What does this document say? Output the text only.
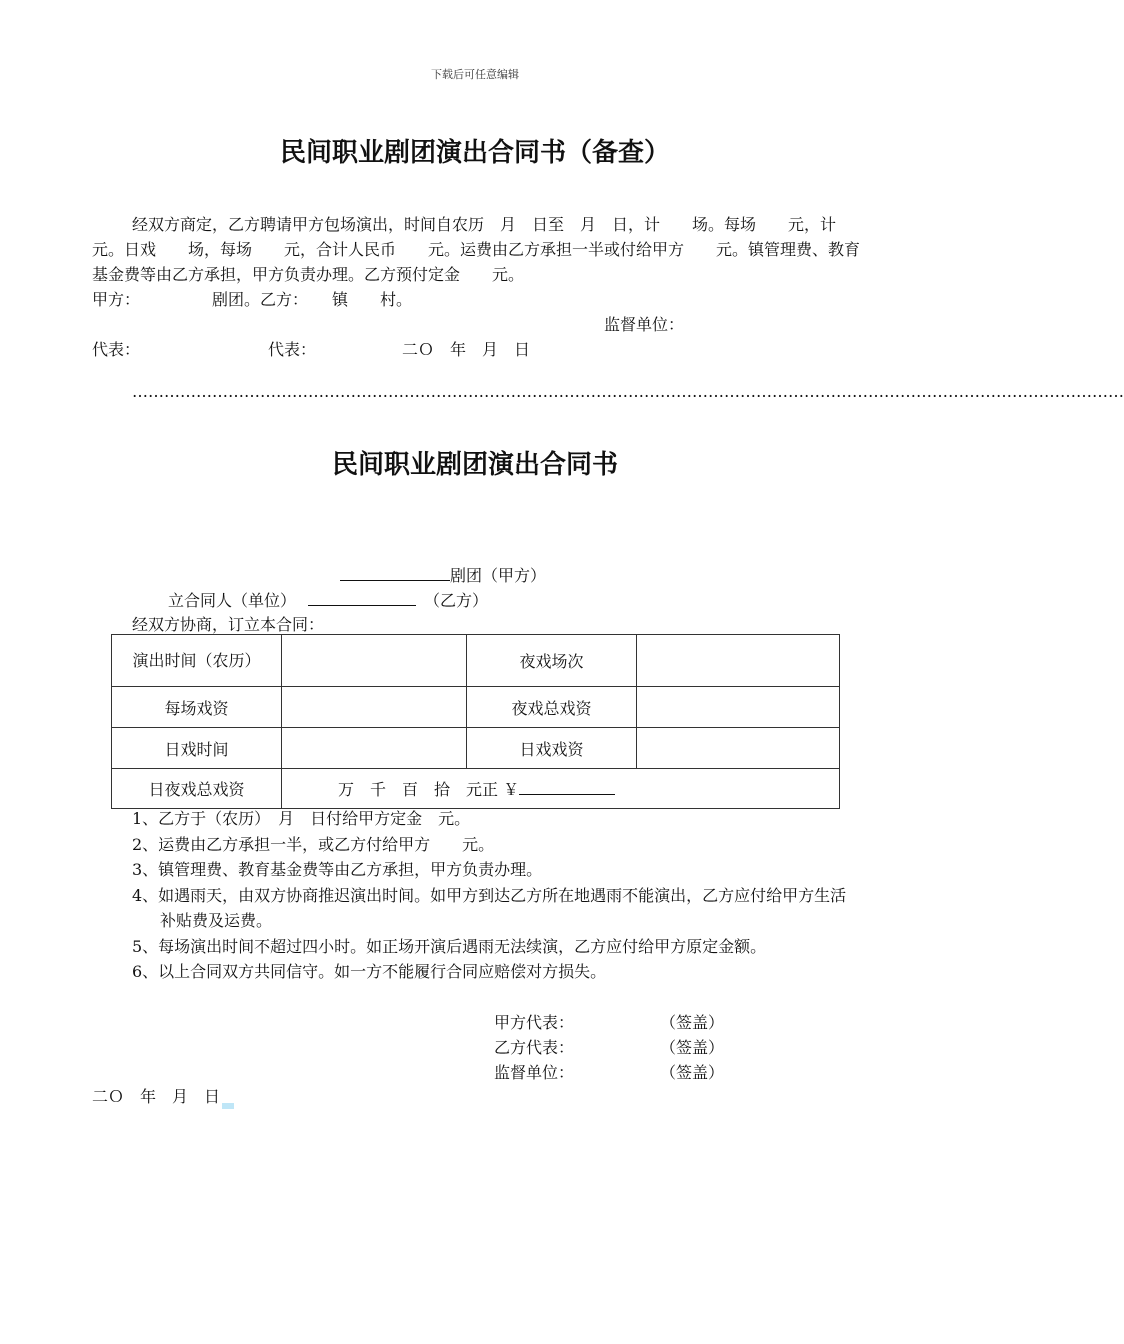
下载后可任意编辑
民间职业剧团演出合同书（备查）
经双方商定，乙方聘请甲方包场演出，时间自农历　月　日至　月　日，计　　场。每场　　元，计　　元。日戏　　场，每场　　元，合计人民币　　元。运费由乙方承担一半或付给甲方　　元。镇管理费、教育基金费等由乙方承担，甲方负责办理。乙方预付定金　　元。
甲方：　　　　　剧团。乙方：　　镇　　村。
监督单位：
代表：	代表：	二Ｏ　年　月　日
……………………………………………………………………………………………………………………………………………………………………
民间职业剧团演出合同书
剧团（甲方）
立合同人（单位）	（乙方）
经双方协商，订立本合同：
演出时间（农历）		夜戏场次	
每场戏资		夜戏总戏资	
日戏时间		日戏戏资	
日夜戏总戏资	万　千　百　拾　元正 ￥		
1、乙方于（农历）　月　日付给甲方定金　元。
2、运费由乙方承担一半，或乙方付给甲方　　元。
3、镇管理费、教育基金费等由乙方承担，甲方负责办理。
4、如遇雨天，由双方协商推迟演出时间。如甲方到达乙方所在地遇雨不能演出，乙方应付给甲方生活补贴费及运费。
5、每场演出时间不超过四小时。如正场开演后遇雨无法续演，乙方应付给甲方原定金额。
6、以上合同双方共同信守。如一方不能履行合同应赔偿对方损失。
甲方代表：	（签盖）
乙方代表：	（签盖）
监督单位：	（签盖）
二Ｏ　年　月　日
